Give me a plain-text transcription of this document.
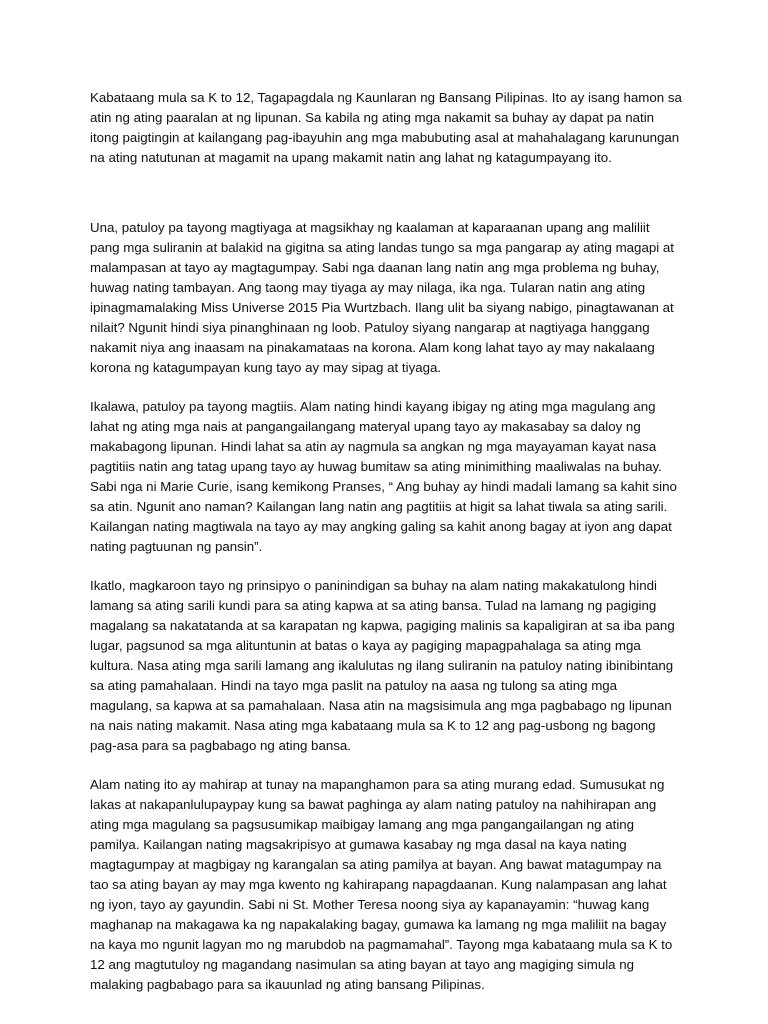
Kabataang mula sa K to 12, Tagapagdala ng Kaunlaran ng Bansang Pilipinas. Ito ay isang hamon sa atin ng ating paaralan at ng lipunan. Sa kabila ng ating mga nakamit sa buhay ay dapat pa natin itong paigtingin at kailangang pag-ibayuhin ang mga mabubuting asal at mahahalagang karunungan na ating natutunan at magamit na upang makamit natin ang lahat ng katagumpayang ito.

Una, patuloy pa tayong magtiyaga at magsikhay ng kaalaman at kaparaanan upang ang maliliit pang mga suliranin at balakid na gigitna sa ating landas tungo sa mga pangarap ay ating magapi at malampasan at tayo ay magtagumpay. Sabi nga daanan lang natin ang mga problema ng buhay, huwag nating tambayan. Ang taong may tiyaga ay may nilaga, ika nga. Tularan natin ang ating ipinagmamalaking Miss Universe 2015 Pia Wurtzbach. Ilang ulit ba siyang nabigo, pinagtawanan at nilait? Ngunit hindi siya pinanghinaan ng loob. Patuloy siyang nangarap at nagtiyaga hanggang nakamit niya ang inaasam na pinakamataas na korona. Alam kong lahat tayo ay may nakalaang korona ng katagumpayan kung tayo ay may sipag at tiyaga.

Ikalawa, patuloy pa tayong magtiis. Alam nating hindi kayang ibigay ng ating mga magulang ang lahat ng ating mga nais at pangangailangang materyal upang tayo ay makasabay sa daloy ng makabagong lipunan. Hindi lahat sa atin ay nagmula sa angkan ng mga mayayaman kayat nasa pagtitiis natin ang tatag upang tayo ay huwag bumitaw sa ating minimithing maaliwalas na buhay. Sabi nga ni Marie Curie, isang kemikong Pranses, “ Ang buhay ay hindi madali lamang sa kahit sino sa atin. Ngunit ano naman? Kailangan lang natin ang pagtitiis at higit sa lahat tiwala sa ating sarili. Kailangan nating magtiwala na tayo ay may angking galing sa kahit anong bagay at iyon ang dapat nating pagtuunan ng pansin”.

Ikatlo, magkaroon tayo ng prinsipyo o paninindigan sa buhay na alam nating makakatulong hindi lamang sa ating sarili kundi para sa ating kapwa at sa ating bansa. Tulad na lamang ng pagiging magalang sa nakatatanda at sa karapatan ng kapwa, pagiging malinis sa kapaligiran at sa iba pang lugar, pagsunod sa mga alituntunin at batas o kaya ay pagiging mapagpahalaga sa ating mga kultura. Nasa ating mga sarili lamang ang ikalulutas ng ilang suliranin na patuloy nating ibinibintang sa ating pamahalaan. Hindi na tayo mga paslit na patuloy na aasa ng tulong sa ating mga magulang, sa kapwa at sa pamahalaan. Nasa atin na magsisimula ang mga pagbabago ng lipunan na nais nating makamit. Nasa ating mga kabataang mula sa K to 12 ang pag-usbong ng bagong pag-asa para sa pagbabago ng ating bansa.

Alam nating ito ay mahirap at tunay na mapanghamon para sa ating murang edad. Sumusukat ng lakas at nakapanlulupaypay kung sa bawat paghinga ay alam nating patuloy na nahihirapan ang ating mga magulang sa pagsusumikap maibigay lamang ang mga pangangailangan ng ating pamilya. Kailangan nating magsakripisyo at gumawa kasabay ng mga dasal na kaya nating magtagumpay at magbigay ng karangalan sa ating pamilya at bayan. Ang bawat matagumpay na tao sa ating bayan ay may mga kwento ng kahirapang napagdaanan. Kung nalampasan ang lahat ng iyon, tayo ay gayundin. Sabi ni St. Mother Teresa noong siya ay kapanayamin: “huwag kang maghanap na makagawa ka ng napakalaking bagay, gumawa ka lamang ng mga maliliit na bagay na kaya mo ngunit lagyan mo ng marubdob na pagmamahal”. Tayong mga kabataang mula sa K to 12 ang magtutuloy ng magandang nasimulan sa ating bayan at tayo ang magiging simula ng malaking pagbabago para sa ikauunlad ng ating bansang Pilipinas.
